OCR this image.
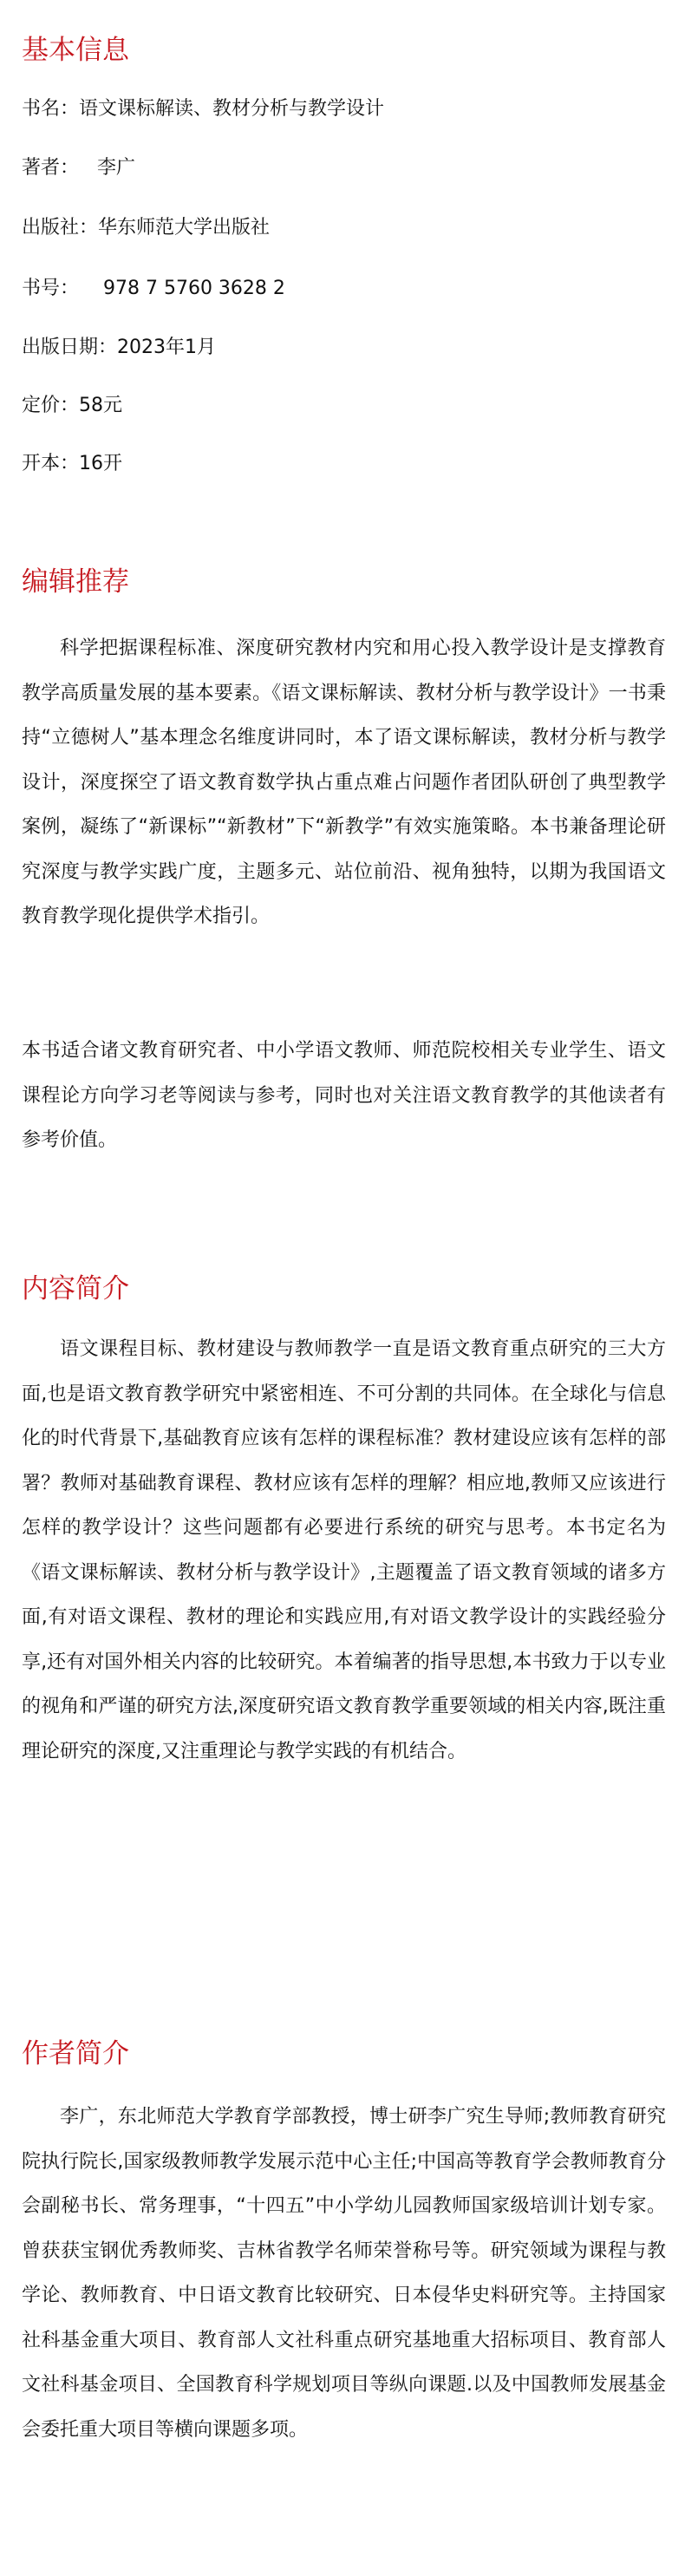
基本信息

书名：语文课标解读、教材分析与教学设计

著者：   李广

出版社：华东师范大学出版社

书号：    978 7 5760 3628 2

出版日期：2023年1月

定价：58元

开本：16开

编辑推荐

科学把据课程标准、深度研究教材内究和用心投入教学设计是支撑教育教学高质量发展的基本要素。《语文课标解读、教材分析与教学设计》一书秉持“立德树人”基本理念名维度讲同时，本了语文课标解读，教材分析与教学设计，深度探空了语文教育数学执占重点难占问题作者团队研创了典型教学案例，凝练了“新课标”“新教材”下“新教学”有效实施策略。本书兼备理论研究深度与教学实践广度，主题多元、站位前沿、视角独特，以期为我国语文教育教学现化提供学术指引。

本书适合诸文教育研究者、中小学语文教师、师范院校相关专业学生、语文课程论方向学习老等阅读与参考，同时也对关注语文教育教学的其他读者有参考价值。

内容简介

语文课程目标、教材建设与教师教学一直是语文教育重点研究的三大方面,也是语文教育教学研究中紧密相连、不可分割的共同体。在全球化与信息化的时代背景下,基础教育应该有怎样的课程标准？教材建设应该有怎样的部署？教师对基础教育课程、教材应该有怎样的理解？相应地,教师又应该进行怎样的教学设计？这些问题都有必要进行系统的研究与思考。本书定名为《语文课标解读、教材分析与教学设计》,主题覆盖了语文教育领域的诸多方面,有对语文课程、教材的理论和实践应用,有对语文教学设计的实践经验分享,还有对国外相关内容的比较研究。本着编著的指导思想,本书致力于以专业的视角和严谨的研究方法,深度研究语文教育教学重要领域的相关内容,既注重理论研究的深度,又注重理论与教学实践的有机结合。

作者简介

李广，东北师范大学教育学部教授，博士研李广究生导师;教师教育研究院执行院长,国家级教师教学发展示范中心主任;中国高等教育学会教师教育分会副秘书长、常务理事，“十四五”中小学幼儿园教师国家级培训计划专家。曾获获宝钢优秀教师奖、吉林省教学名师荣誉称号等。研究领域为课程与教学论、教师教育、中日语文教育比较研究、日本侵华史料研究等。主持国家社科基金重大项目、教育部人文社科重点研究基地重大招标项目、教育部人文社科基金项目、全国教育科学规划项目等纵向课题.以及中国教师发展基金会委托重大项目等横向课题多项。
